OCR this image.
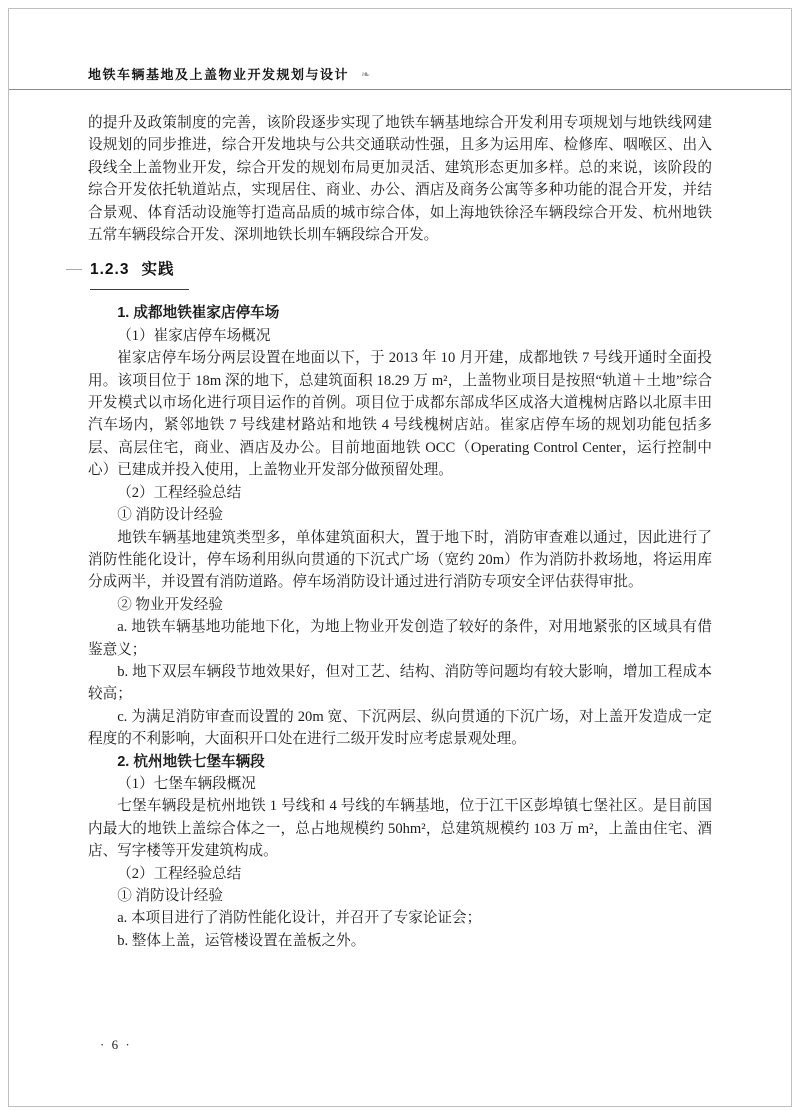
地铁车辆基地及上盖物业开发规划与设计 ❧

的提升及政策制度的完善，该阶段逐步实现了地铁车辆基地综合开发利用专项规划与地铁线网建设规划的同步推进，综合开发地块与公共交通联动性强，且多为运用库、检修库、咽喉区、出入段线全上盖物业开发，综合开发的规划布局更加灵活、建筑形态更加多样。总的来说，该阶段的综合开发依托轨道站点，实现居住、商业、办公、酒店及商务公寓等多种功能的混合开发，并结合景观、体育活动设施等打造高品质的城市综合体，如上海地铁徐泾车辆段综合开发、杭州地铁五常车辆段综合开发、深圳地铁长圳车辆段综合开发。

1.2.3 实践

1. 成都地铁崔家店停车场

（1）崔家店停车场概况

崔家店停车场分两层设置在地面以下，于 2013 年 10 月开建，成都地铁 7 号线开通时全面投用。该项目位于 18m 深的地下，总建筑面积 18.29 万 m²，上盖物业项目是按照“轨道＋土地”综合开发模式以市场化进行项目运作的首例。项目位于成都东部成华区成洛大道槐树店路以北原丰田汽车场内，紧邻地铁 7 号线建材路站和地铁 4 号线槐树店站。崔家店停车场的规划功能包括多层、高层住宅，商业、酒店及办公。目前地面地铁 OCC（Operating Control Center，运行控制中心）已建成并投入使用，上盖物业开发部分做预留处理。

（2）工程经验总结

① 消防设计经验

地铁车辆基地建筑类型多，单体建筑面积大，置于地下时，消防审查难以通过，因此进行了消防性能化设计，停车场利用纵向贯通的下沉式广场（宽约 20m）作为消防扑救场地，将运用库分成两半，并设置有消防道路。停车场消防设计通过进行消防专项安全评估获得审批。

② 物业开发经验

a. 地铁车辆基地功能地下化，为地上物业开发创造了较好的条件，对用地紧张的区域具有借鉴意义；

b. 地下双层车辆段节地效果好，但对工艺、结构、消防等问题均有较大影响，增加工程成本较高；

c. 为满足消防审查而设置的 20m 宽、下沉两层、纵向贯通的下沉广场，对上盖开发造成一定程度的不利影响，大面积开口处在进行二级开发时应考虑景观处理。

2. 杭州地铁七堡车辆段

（1）七堡车辆段概况

七堡车辆段是杭州地铁 1 号线和 4 号线的车辆基地，位于江干区彭埠镇七堡社区。是目前国内最大的地铁上盖综合体之一，总占地规模约 50hm²，总建筑规模约 103 万 m²，上盖由住宅、酒店、写字楼等开发建筑构成。

（2）工程经验总结

① 消防设计经验

a. 本项目进行了消防性能化设计，并召开了专家论证会；

b. 整体上盖，运管楼设置在盖板之外。

· 6 ·
